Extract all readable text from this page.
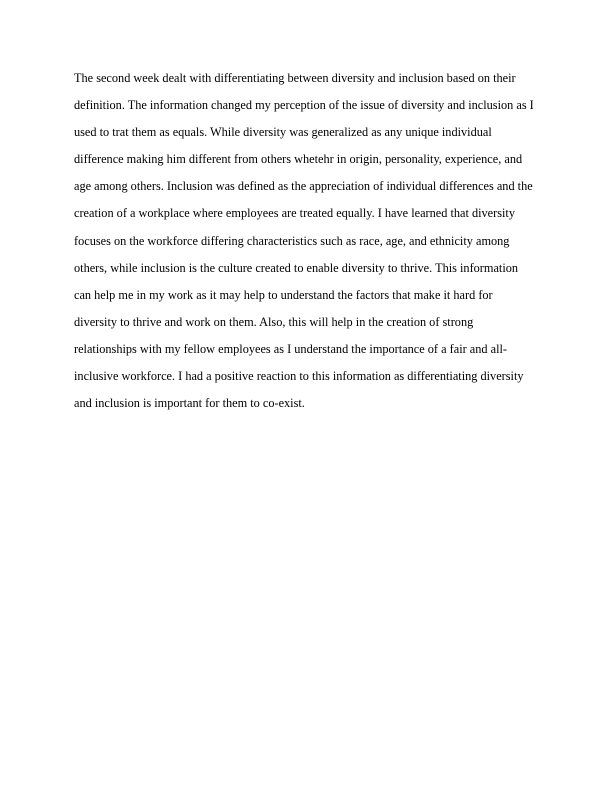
The second week dealt with differentiating between diversity and inclusion based on their
definition. The information changed my perception of the issue of diversity and inclusion as I
used to trat them as equals. While diversity was generalized as any unique individual
difference making him different from others whetehr in origin, personality, experience, and
age among others. Inclusion was defined as the appreciation of individual differences and the
creation of a workplace where employees are treated equally. I have learned that diversity
focuses on the workforce differing characteristics such as race, age, and ethnicity among
others, while inclusion is the culture created to enable diversity to thrive. This information
can help me in my work as it may help to understand the factors that make it hard for
diversity to thrive and work on them. Also, this will help in the creation of strong
relationships with my fellow employees as I understand the importance of a fair and all-
inclusive workforce. I had a positive reaction to this information as differentiating diversity
and inclusion is important for them to co-exist.
